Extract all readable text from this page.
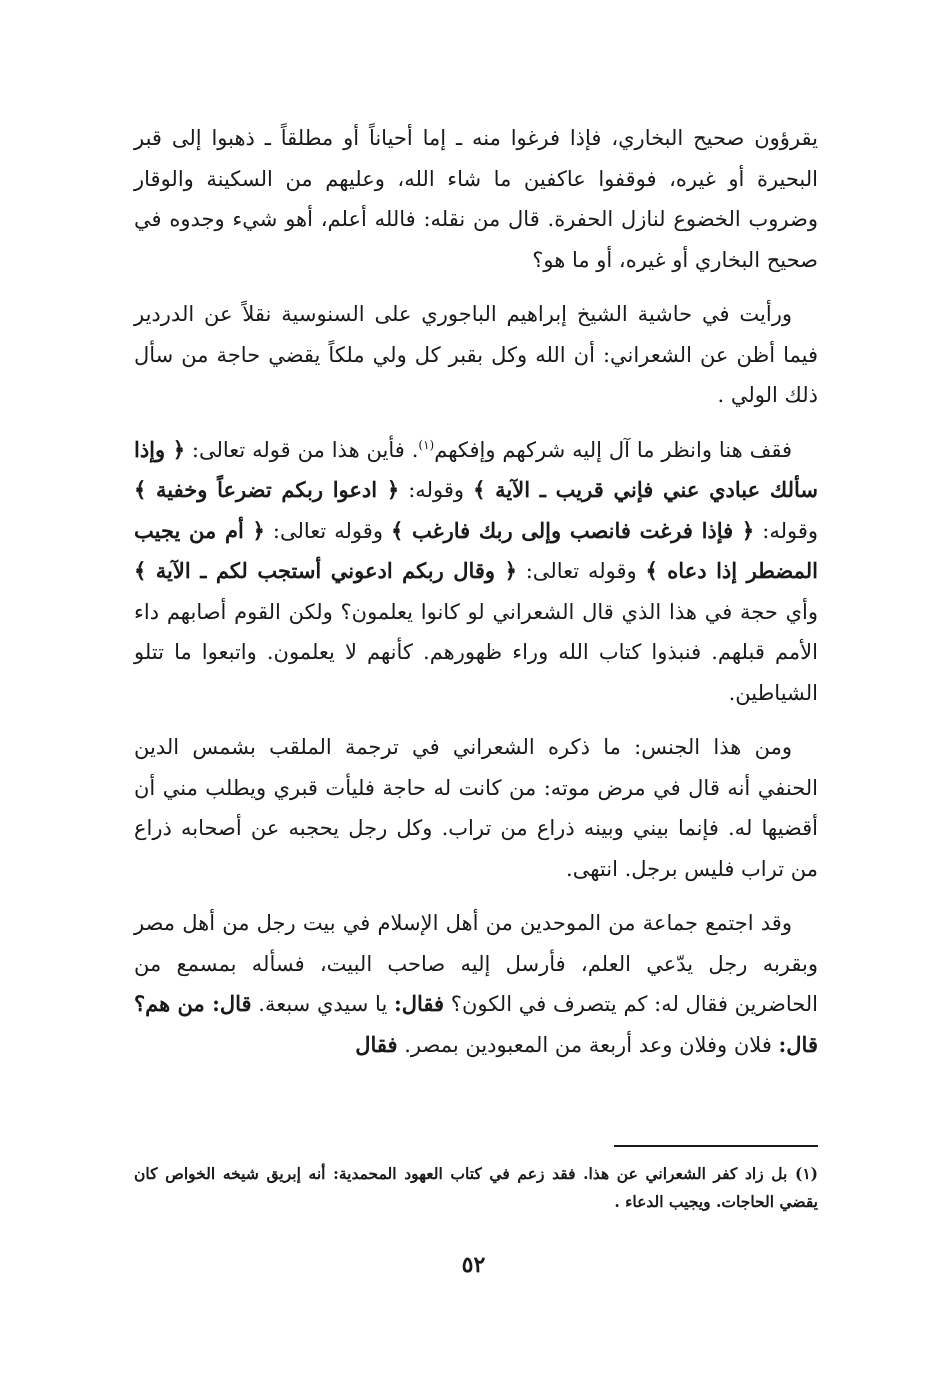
يقرؤون صحيح البخاري، فإذا فرغوا منه ـ إما أحياناً أو مطلقاً ـ ذهبوا إلى قبر البحيرة أو غيره، فوقفوا عاكفين ما شاء الله، وعليهم من السكينة والوقار وضروب الخضوع لنازل الحفرة. قال من نقله: فالله أعلم، أهو شيء وجدوه في صحيح البخاري أو غيره، أو ما هو؟

ورأيت في حاشية الشيخ إبراهيم الباجوري على السنوسية نقلاً عن الدردير فيما أظن عن الشعراني: أن الله وكل بقبر كل ولي ملكاً يقضي حاجة من سأل ذلك الولي .

فقف هنا وانظر ما آل إليه شركهم وإفكهم$^{(١)}$. فأين هذا من قوله تعالى: ﴿ وإذا سألك عبادي عني فإني قريب ـ الآية ﴾ وقوله: ﴿ ادعوا ربكم تضرعاً وخفية ﴾ وقوله: ﴿ فإذا فرغت فانصب وإلى ربك فارغب ﴾ وقوله تعالى: ﴿ أم من يجيب المضطر إذا دعاه ﴾ وقوله تعالى: ﴿ وقال ربكم ادعوني أستجب لكم ـ الآية ﴾ وأي حجة في هذا الذي قال الشعراني لو كانوا يعلمون؟ ولكن القوم أصابهم داء الأمم قبلهم. فنبذوا كتاب الله وراء ظهورهم. كأنهم لا يعلمون. واتبعوا ما تتلو الشياطين.

ومن هذا الجنس: ما ذكره الشعراني في ترجمة الملقب بشمس الدين الحنفي أنه قال في مرض موته: من كانت له حاجة فليأت قبري ويطلب مني أن أقضيها له. فإنما بيني وبينه ذراع من تراب. وكل رجل يحجبه عن أصحابه ذراع من تراب فليس برجل. انتهى.

وقد اجتمع جماعة من الموحدين من أهل الإسلام في بيت رجل من أهل مصر وبقربه رجل يدّعي العلم، فأرسل إليه صاحب البيت، فسأله بمسمع من الحاضرين فقال له: كم يتصرف في الكون؟ فقال: يا سيدي سبعة. قال: من هم؟ قال: فلان وفلان وعد أربعة من المعبودين بمصر. فقال

(١) بل زاد كفر الشعراني عن هذا. فقد زعم في كتاب العهود المحمدية: أنه إبريق شيخه الخواص كان يقضي الحاجات. ويجيب الدعاء .

٥٢
